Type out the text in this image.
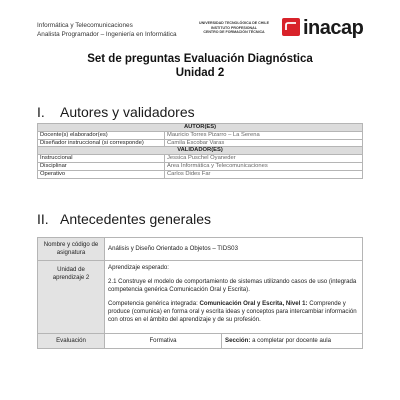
Informática y Telecomunicaciones
Analista Programador – Ingeniería en Informática
UNIVERSIDAD TECNOLÓGICA DE CHILE
INSTITUTO PROFESIONAL
CENTRO DE FORMACIÓN TÉCNICA	inacap
Set de preguntas Evaluación Diagnóstica
Unidad 2
I. Autores y validadores
AUTOR(ES)	
Docente(s) elaborador(es)	Mauricio Torres Pizarro – La Serena
Diseñador instruccional (si corresponde)	Camila Escobar Varas
VALIDADOR(ES)	
Instruccional	Jessica Puschel Oyaneder
Disciplinar	Área Informática y Telecomunicaciones
Operativo	Carlos Dides Far
II. Antecedentes generales
Nombre y código de asignatura	Análisis y Diseño Orientado a Objetos – TIDS03	
Unidad de aprendizaje 2	Aprendizaje esperado:
2.1 Construye el modelo de comportamiento de sistemas utilizando casos de uso (integrada competencia genérica Comunicación Oral y Escrita).
Competencia genérica integrada: Comunicación Oral y Escrita, Nivel 1: Comprende y produce (comunica) en forma oral y escrita ideas y conceptos para intercambiar información con otros en el ámbito del aprendizaje y de su profesión.	

Evaluación	Formativa	Sección: a completar por docente aula
